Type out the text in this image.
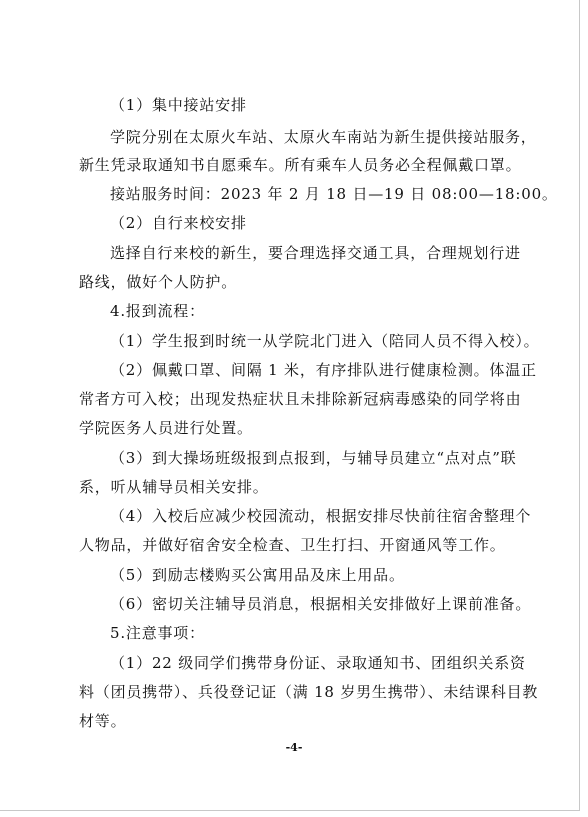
（1）集中接站安排
学院分别在太原火车站、太原火车南站为新生提供接站服务，
新生凭录取通知书自愿乘车。所有乘车人员务必全程佩戴口罩。
接站服务时间：2023 年 2 月 18 日—19 日 08:00—18:00。
（2）自行来校安排
选择自行来校的新生，要合理选择交通工具，合理规划行进
路线，做好个人防护。
4.报到流程：
（1）学生报到时统一从学院北门进入（陪同人员不得入校）。
（2）佩戴口罩、间隔 1 米，有序排队进行健康检测。体温正
常者方可入校；出现发热症状且未排除新冠病毒感染的同学将由
学院医务人员进行处置。
（3）到大操场班级报到点报到，与辅导员建立“点对点”联
系，听从辅导员相关安排。
（4）入校后应减少校园流动，根据安排尽快前往宿舍整理个
人物品，并做好宿舍安全检查、卫生打扫、开窗通风等工作。
（5）到励志楼购买公寓用品及床上用品。
（6）密切关注辅导员消息，根据相关安排做好上课前准备。
5.注意事项：
（1）22 级同学们携带身份证、录取通知书、团组织关系资
料（团员携带）、兵役登记证（满 18 岁男生携带）、未结课科目教
材等。
-4-
